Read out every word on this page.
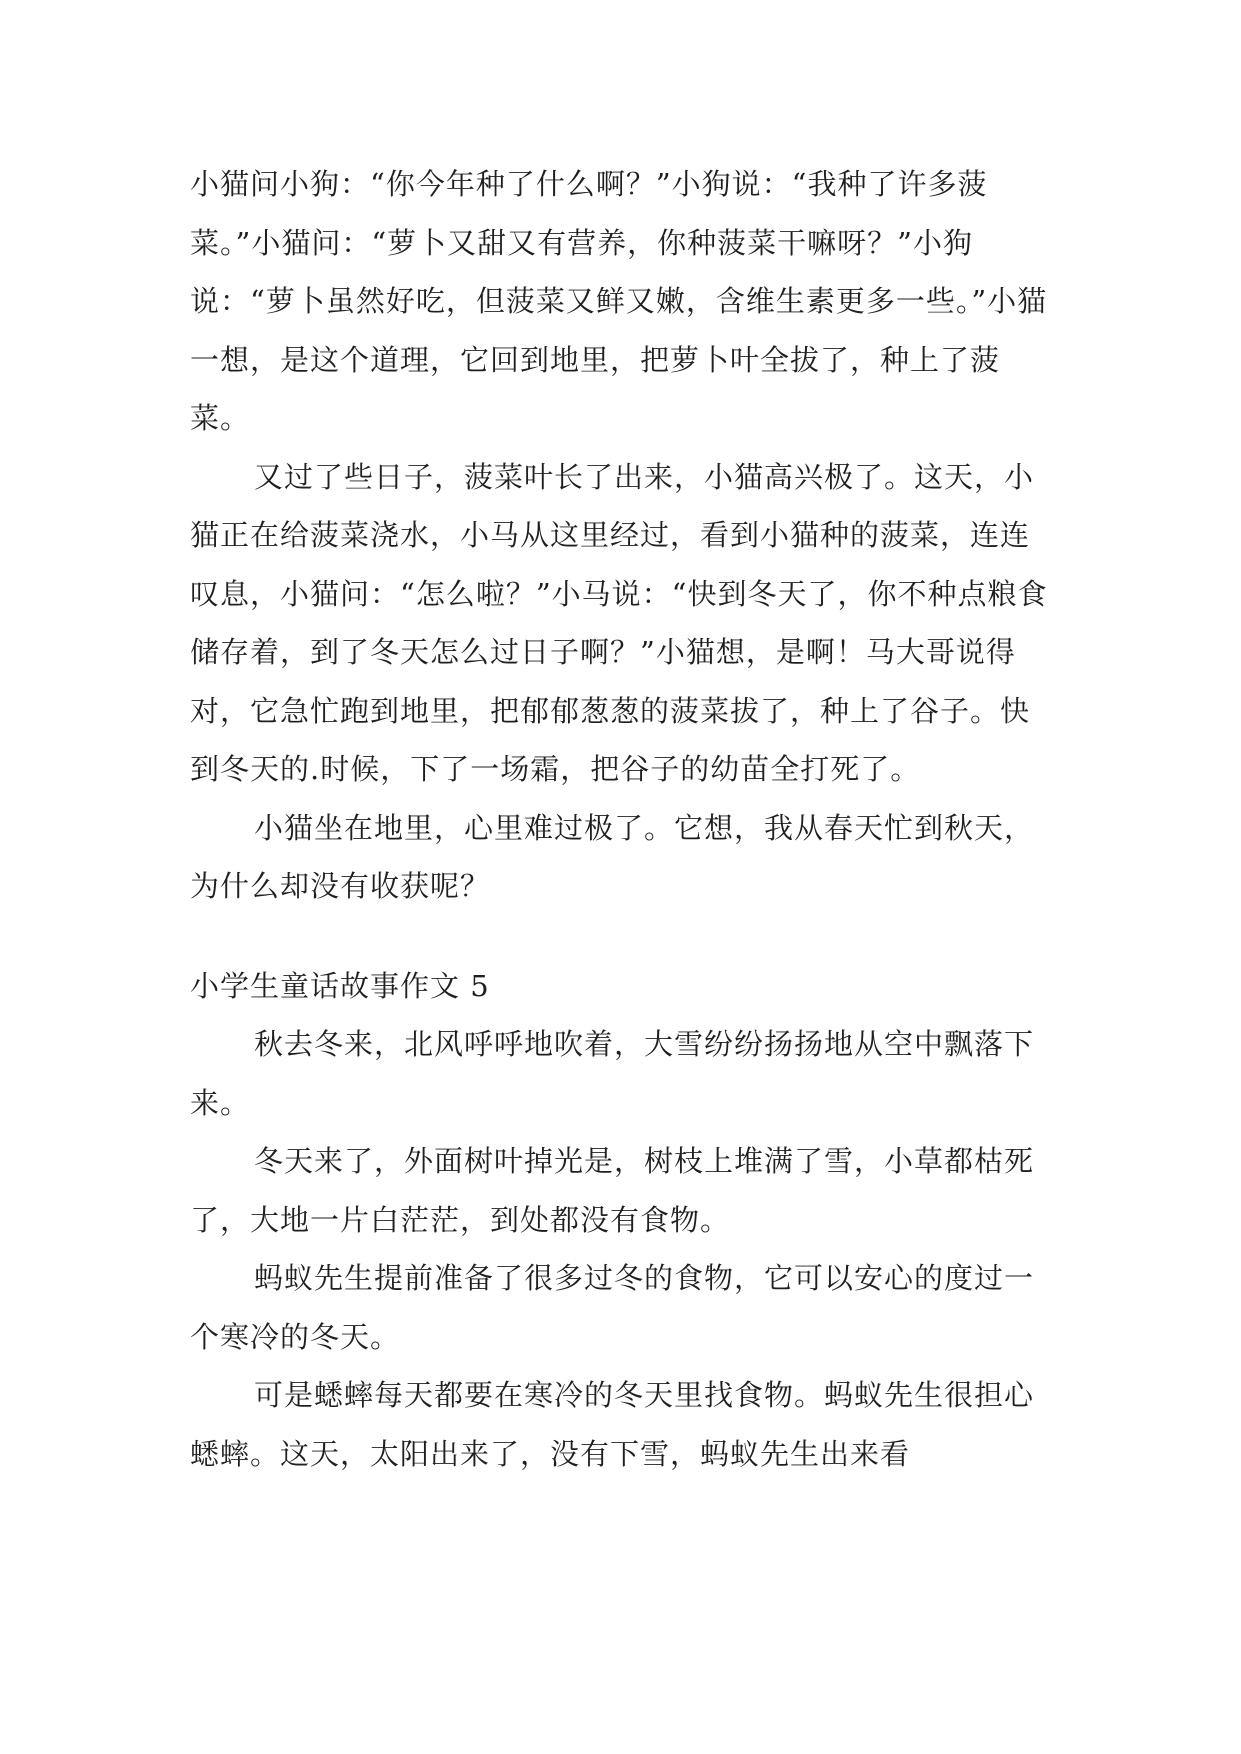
小猫问小狗：“你今年种了什么啊？”小狗说：“我种了许多菠菜。”小猫问：“萝卜又甜又有营养，你种菠菜干嘛呀？”小狗说：“萝卜虽然好吃，但菠菜又鲜又嫩，含维生素更多一些。”小猫一想，是这个道理，它回到地里，把萝卜叶全拔了，种上了菠菜。

又过了些日子，菠菜叶长了出来，小猫高兴极了。这天，小猫正在给菠菜浇水，小马从这里经过，看到小猫种的菠菜，连连叹息，小猫问：“怎么啦？”小马说：“快到冬天了，你不种点粮食储存着，到了冬天怎么过日子啊？”小猫想，是啊！马大哥说得对，它急忙跑到地里，把郁郁葱葱的菠菜拔了，种上了谷子。快到冬天的.时候，下了一场霜，把谷子的幼苗全打死了。

小猫坐在地里，心里难过极了。它想，我从春天忙到秋天，为什么却没有收获呢？

小学生童话故事作文 5

秋去冬来，北风呼呼地吹着，大雪纷纷扬扬地从空中飘落下来。

冬天来了，外面树叶掉光是，树枝上堆满了雪，小草都枯死了，大地一片白茫茫，到处都没有食物。

蚂蚁先生提前准备了很多过冬的食物，它可以安心的度过一个寒冷的冬天。

可是蟋蟀每天都要在寒冷的冬天里找食物。蚂蚁先生很担心蟋蟀。这天，太阳出来了，没有下雪，蚂蚁先生出来看
